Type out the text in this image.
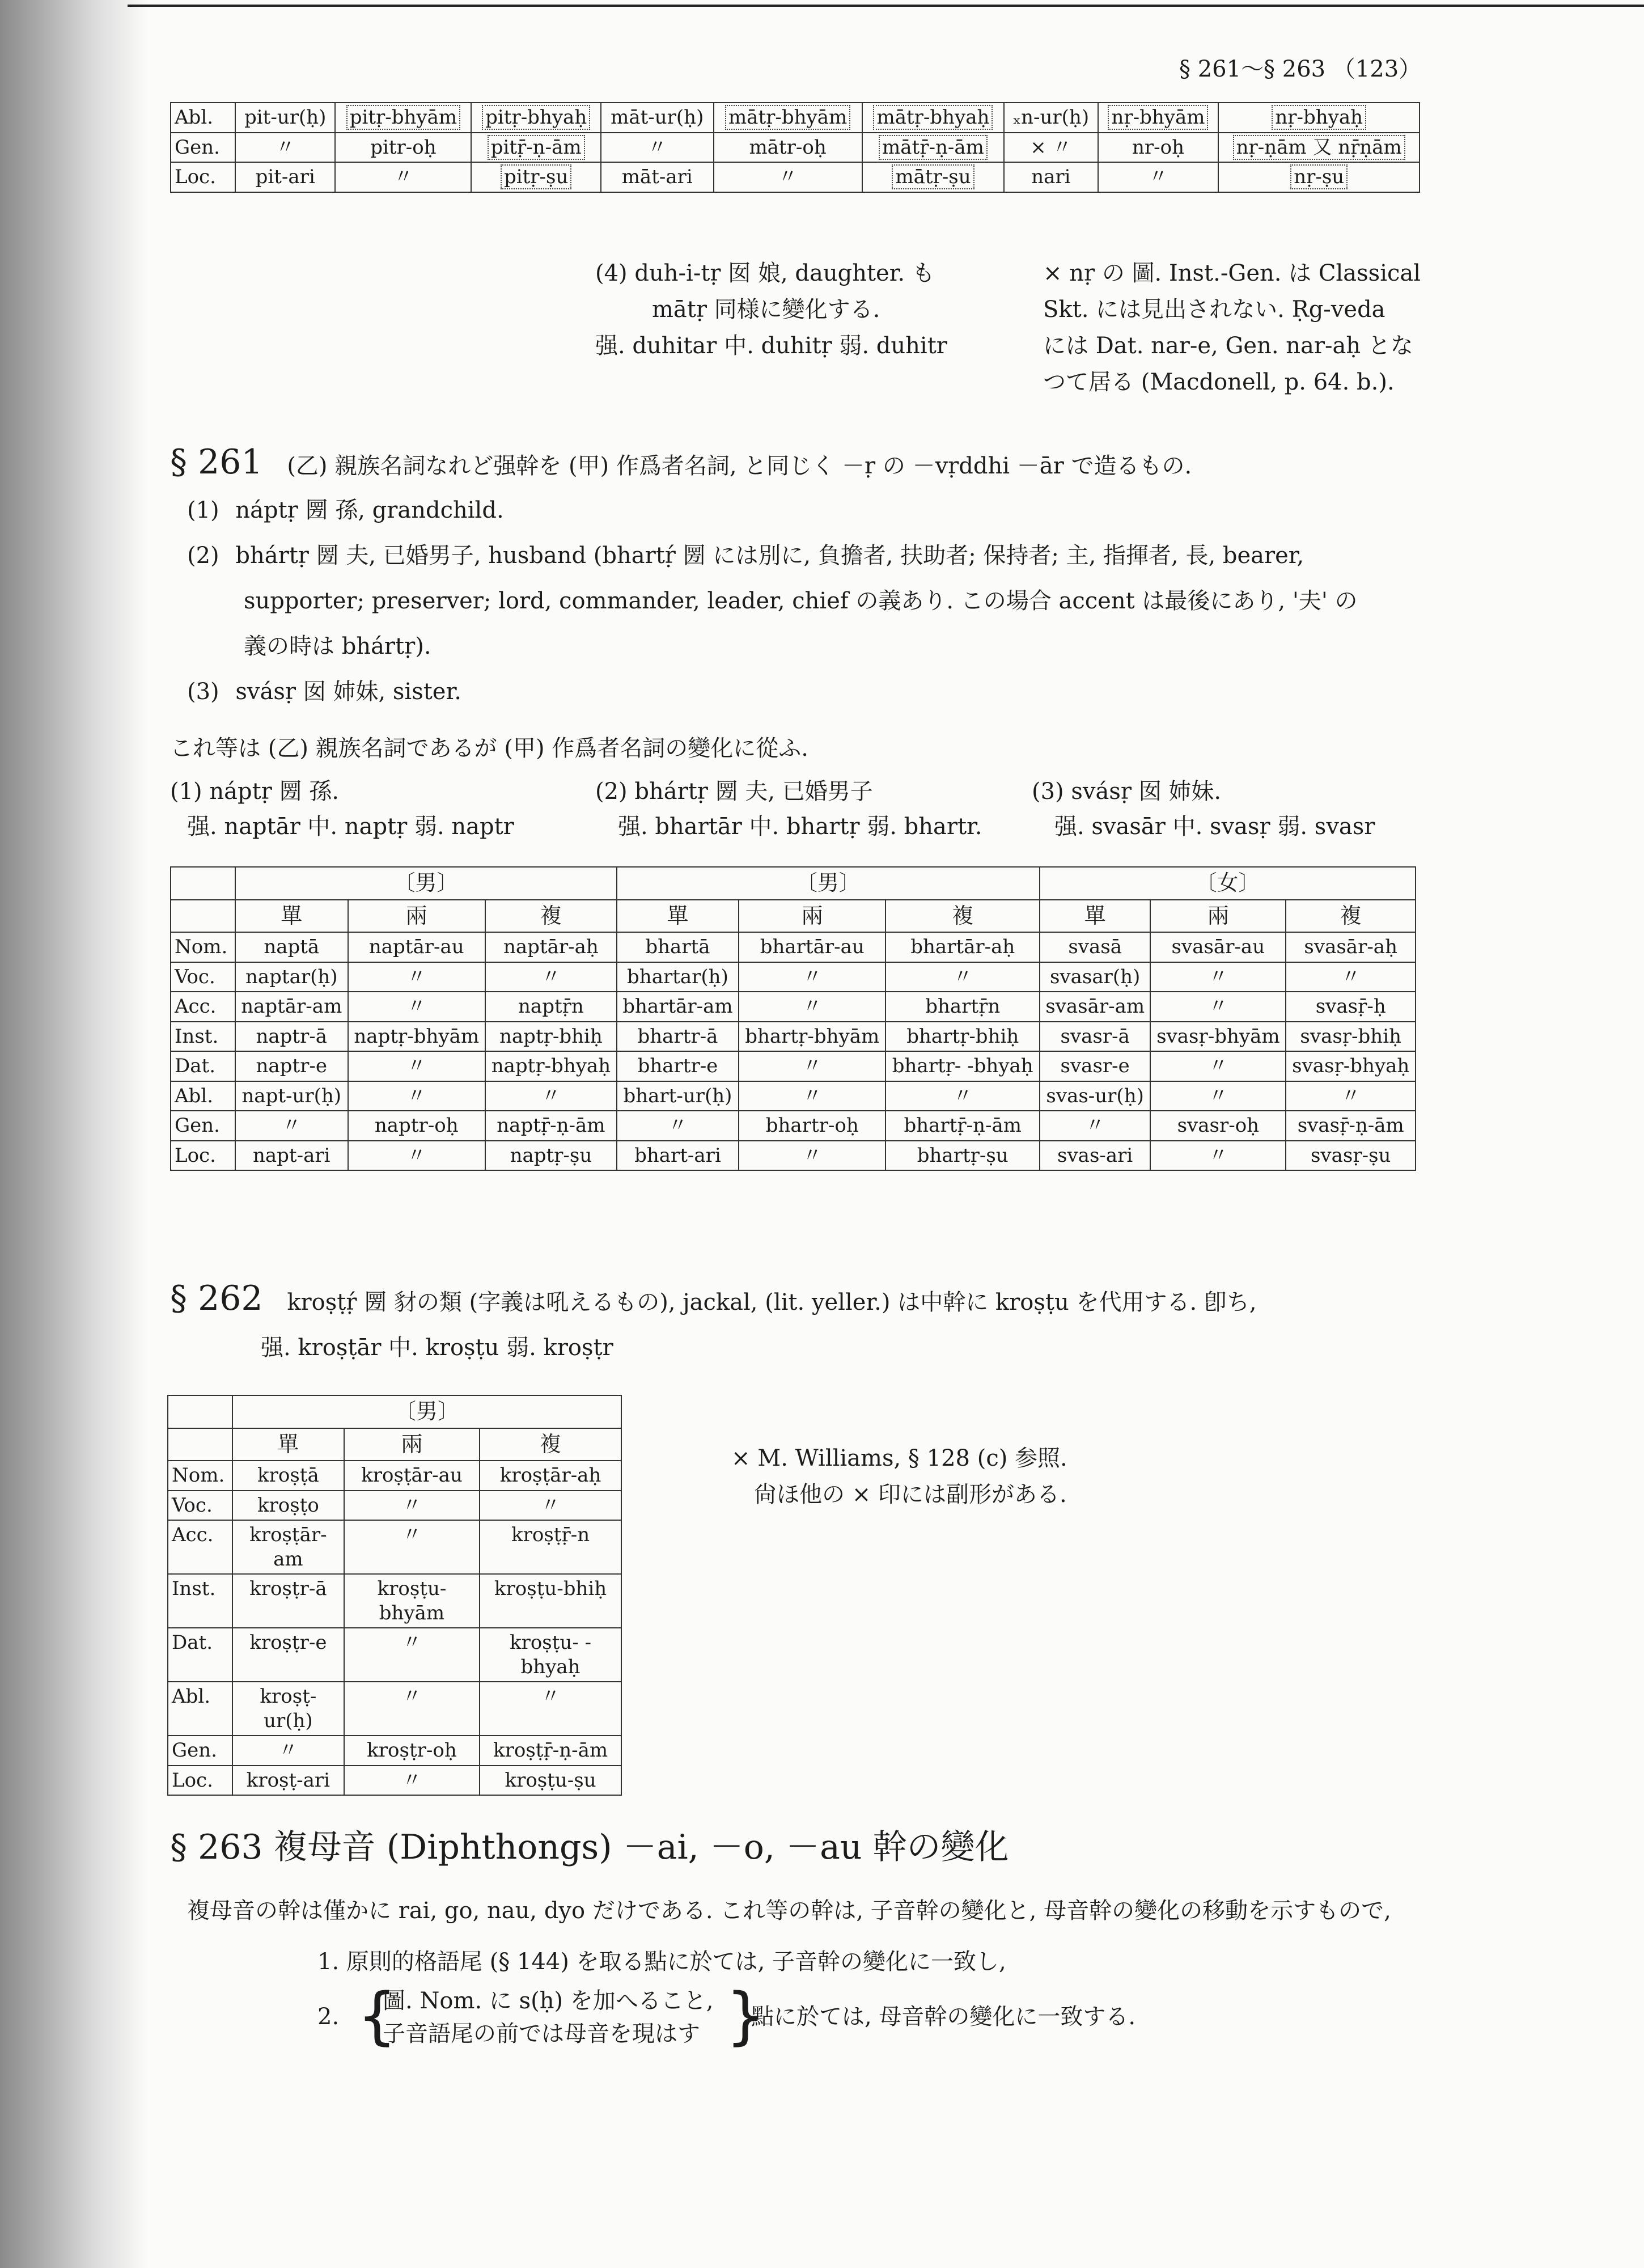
§ 261～§ 263 （123）
Abl.	pit-ur(ḥ)	pitṛ-bhyām	pitṛ-bhyaḥ	māt-ur(ḥ)	mātṛ-bhyām	mātṛ-bhyaḥ	ₓn-ur(ḥ)	nṛ-bhyām	nṛ-bhyaḥ
Gen.	〃	pitr-oḥ	pitṝ-ṇ-ām	〃	mātr-oḥ	mātṝ-ṇ-ām	× 〃	nr-oḥ	nṛ-ṇām 又 nṝṇām
Loc.	pit-ari	〃	pitṛ-ṣu	māt-ari	〃	mātṛ-ṣu	nari	〃	nṛ-ṣu
(4) duh-i-tṛ 囡 娘, daughter. も
mātṛ 同様に變化する.
强. duhitar 中. duhitṛ 弱. duhitr
× nṛ の 圖. Inst.-Gen. は Classical
Skt. には見出されない. Ṛg-veda
には Dat. nar-e, Gen. nar-aḥ とな
つて居る (Macdonell, p. 64. b.).
§ 261 (乙) 親族名詞なれど强幹を (甲) 作爲者名詞, と同じく －ṛ の －vṛddhi －ār で造るもの.
(1) náptṛ 圐 孫, grandchild.
(2) bhártṛ 圐 夫, 已婚男子, husband (bhartṛ́ 圐 には別に, 負擔者, 扶助者; 保持者; 主, 指揮者, 長, bearer,
supporter; preserver; lord, commander, leader, chief の義あり. この場合 accent は最後にあり, '夫' の
義の時は bhártṛ).
(3) svásṛ 囡 姉妹, sister.
これ等は (乙) 親族名詞であるが (甲) 作爲者名詞の變化に從ふ.
(1) náptṛ 圐 孫.
强. naptār 中. naptṛ 弱. naptr
(2) bhártṛ 圐 夫, 已婚男子
强. bhartār 中. bhartṛ 弱. bhartr.
(3) svásṛ 囡 姉妹.
强. svasār 中. svasṛ 弱. svasr
	〔男〕			〔男〕			〔女〕		
	單	兩	複	單	兩	複	單	兩	複
Nom.	naptā	naptār-au	naptār-aḥ	bhartā	bhartār-au	bhartār-aḥ	svasā	svasār-au	svasār-aḥ
Voc.	naptar(ḥ)	〃	〃	bhartar(ḥ)	〃	〃	svasar(ḥ)	〃	〃
Acc.	naptār-am	〃	naptṝn	bhartār-am	〃	bhartṝn	svasār-am	〃	svasṝ-ḥ
Inst.	naptr-ā	naptṛ-bhyām	naptṛ-bhiḥ	bhartr-ā	bhartṛ-bhyām	bhartṛ-bhiḥ	svasr-ā	svasṛ-bhyām	svasṛ-bhiḥ
Dat.	naptr-e	〃	naptṛ-bhyaḥ	bhartr-e	〃	bhartṛ- -bhyaḥ	svasr-e	〃	svasṛ-bhyaḥ
Abl.	napt-ur(ḥ)	〃	〃	bhart-ur(ḥ)	〃	〃	svas-ur(ḥ)	〃	〃
Gen.	〃	naptr-oḥ	naptṝ-ṇ-ām	〃	bhartr-oḥ	bhartṝ-ṇ-ām	〃	svasr-oḥ	svasṝ-ṇ-ām
Loc.	napt-ari	〃	naptṛ-ṣu	bhart-ari	〃	bhartṛ-ṣu	svas-ari	〃	svasṛ-ṣu
§ 262 kroṣṭṛ́ 圐 豺の類 (字義は吼えるもの), jackal, (lit. yeller.) は中幹に kroṣṭu を代用する. 卽ち,
强. kroṣṭār 中. kroṣṭu 弱. kroṣṭr
	〔男〕		
	單	兩	複
Nom.	kroṣṭā	kroṣṭār-au	kroṣṭār-aḥ
Voc.	kroṣṭo	〃	〃
Acc.	kroṣṭār-am	〃	kroṣṭṝ-n
Inst.	kroṣṭr-ā	kroṣṭu-bhyām	kroṣṭu-bhiḥ
Dat.	kroṣṭr-e	〃	kroṣṭu- -bhyaḥ
Abl.	kroṣṭ-ur(ḥ)	〃	〃
Gen.	〃	kroṣṭr-oḥ	kroṣṭṝ-ṇ-ām
Loc.	kroṣṭ-ari	〃	kroṣṭu-ṣu
× M. Williams, § 128 (c) 参照.
尙ほ他の × 印には副形がある.
§ 263 複母音 (Diphthongs) －ai, －o, －au 幹の變化
複母音の幹は僅かに rai, go, nau, dyo だけである. これ等の幹は, 子音幹の變化と, 母音幹の變化の移動を示すもので,
1. 原則的格語尾 (§ 144) を取る點に於ては, 子音幹の變化に一致し,
2. {
圖. Nom. に s(ḥ) を加へること,
子音語尾の前では母音を現はす }
點に於ては, 母音幹の變化に一致する.
